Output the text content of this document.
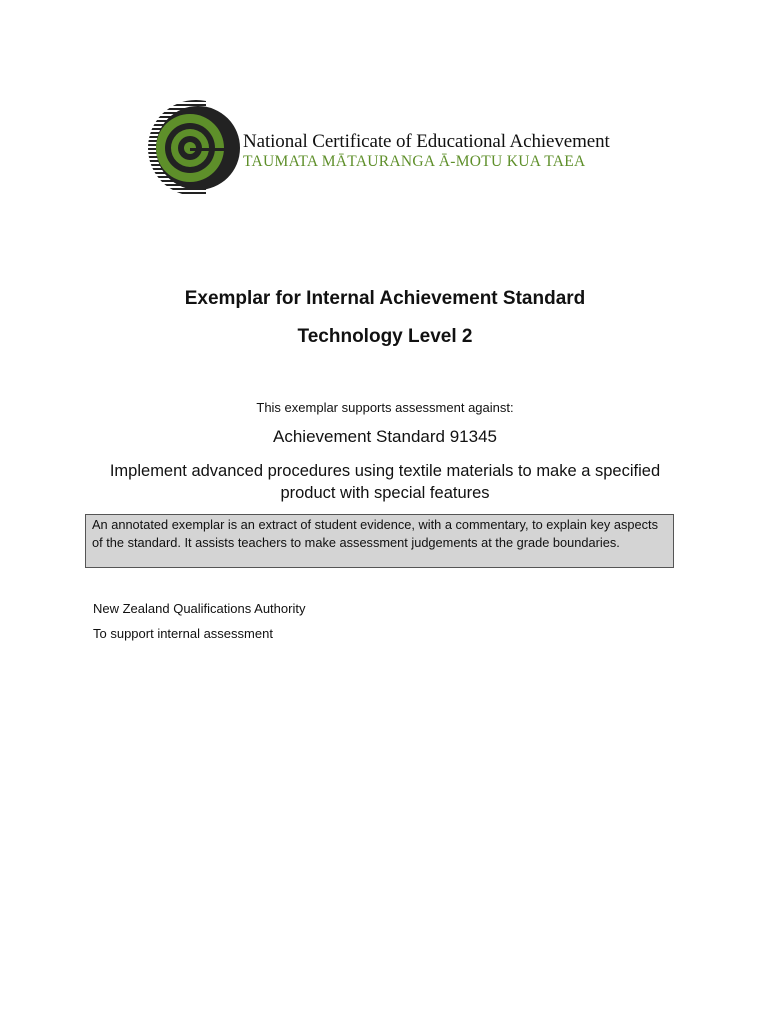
National Certificate of Educational Achievement
TAUMATA MĀTAURANGA Ā-MOTU KUA TAEA
Exemplar for Internal Achievement Standard
Technology Level 2
This exemplar supports assessment against:
Achievement Standard 91345
Implement advanced procedures using textile materials to make a specified product with special features
An annotated exemplar is an extract of student evidence, with a commentary, to explain key aspects of the standard. It assists teachers to make assessment judgements at the grade boundaries.
New Zealand Qualifications Authority
To support internal assessment
